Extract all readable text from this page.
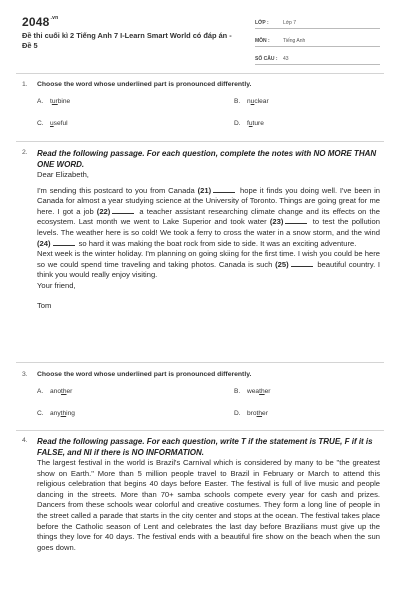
$2048^{.vn}$
Đề thi cuối kì 2 Tiếng Anh 7 I-Learn Smart World có đáp án - Đề 5
LỚP :	Lớp 7
MÔN :	Tiếng Anh
SỐ CÂU :	43
1. Choose the word whose underlined part is pronounced differently.
A. turbine	B. nuclear
C. useful	D. future
2. Read the following passage. For each question, complete the notes with NO MORE THAN ONE WORD.
Dear Elizabeth,
I'm sending this postcard to you from Canada (21)	hope it finds you doing well. I've been in Canada for almost a year studying science at the University of Toronto. Things are going great for me here. I got a job (22)	a teacher assistant researching climate change and its effects on the ecosystem. Last month we went to Lake Superior and took water (23)	to test the pollution levels. The weather here is so cold! We took a ferry to cross the water in a snow storm, and the wind (24)	so hard it was making the boat rock from side to side. It was an exciting adventure.
Next week is the winter holiday. I'm planning on going skiing for the first time. I wish you could be here so we could spend time traveling and taking photos. Canada is such (25)	beautiful country. I think you would really enjoy visiting.
Your friend,
Tom
3. Choose the word whose underlined part is pronounced differently.
A. another	B. weather
C. anything	D. brother
4. Read the following passage. For each question, write T if the statement is TRUE, F if it is FALSE, and NI if there is NO INFORMATION.
The largest festival in the world is Brazil's Carnival which is considered by many to be "the greatest show on Earth." More than 5 million people travel to Brazil in February or March to attend this religious celebration that begins 40 days before Easter. The festival is full of live music and people dancing in the streets. More than 70+ samba schools compete every year for cash and prizes. Dancers from these schools wear colorful and creative costumes. They form a long line of people in the street called a parade that starts in the city center and stops at the ocean. The festival takes place before the Catholic season of Lent and celebrates the last day before Brazilians must give up the things they love for 40 days. The festival ends with a beautiful fire show on the beach when the sun goes down.
